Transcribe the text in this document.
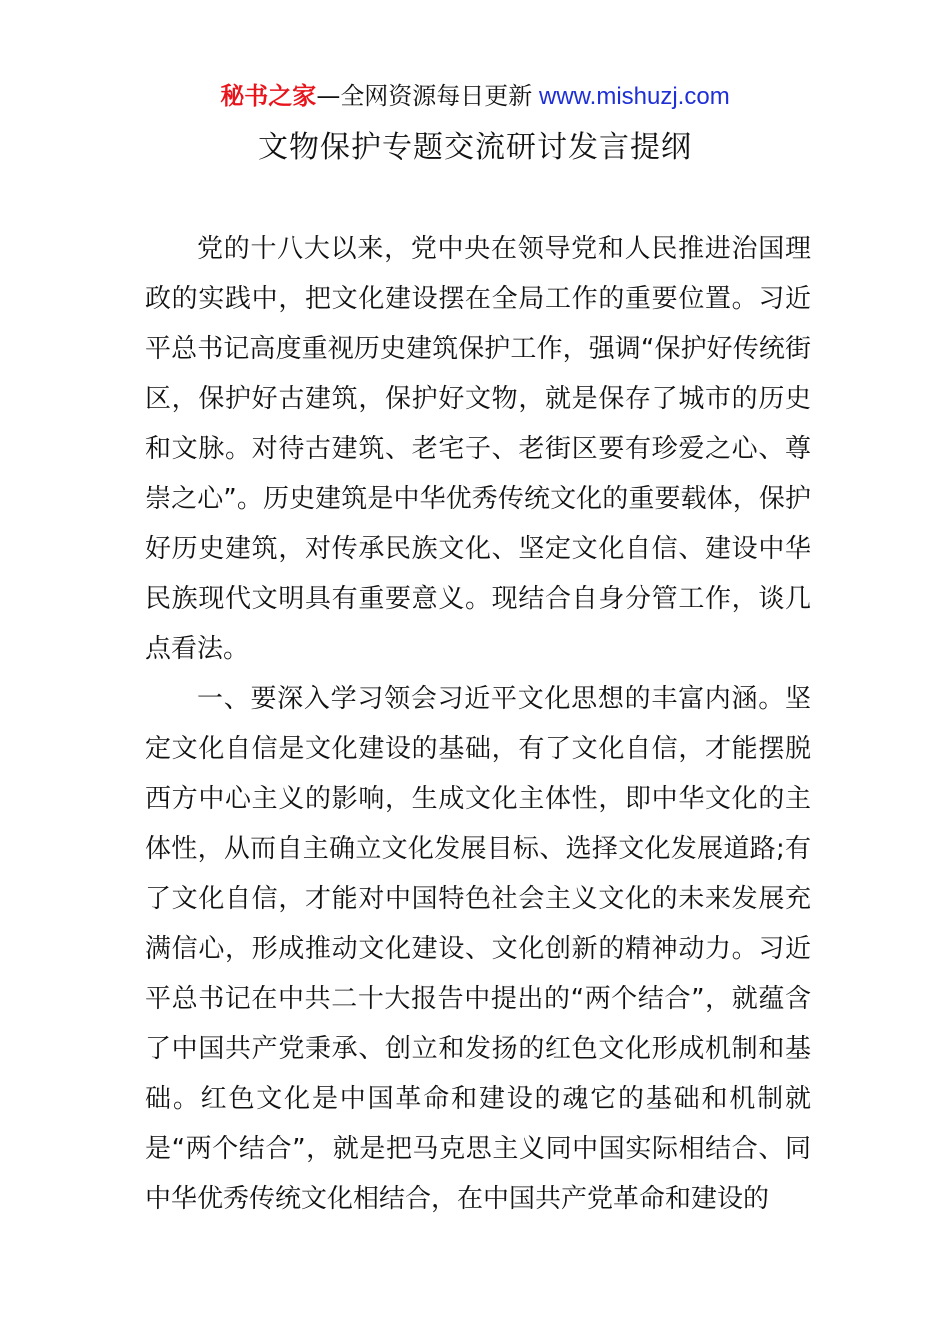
秘书之家—全网资源每日更新 www.mishuzj.com
文物保护专题交流研讨发言提纲

党的十八大以来，党中央在领导党和人民推进治国理政的实践中，把文化建设摆在全局工作的重要位置。习近平总书记高度重视历史建筑保护工作，强调“保护好传统街区，保护好古建筑，保护好文物，就是保存了城市的历史和文脉。对待古建筑、老宅子、老街区要有珍爱之心、尊崇之心”。历史建筑是中华优秀传统文化的重要载体，保护好历史建筑，对传承民族文化、坚定文化自信、建设中华民族现代文明具有重要意义。现结合自身分管工作，谈几点看法。

一、要深入学习领会习近平文化思想的丰富内涵。坚定文化自信是文化建设的基础，有了文化自信，才能摆脱西方中心主义的影响，生成文化主体性，即中华文化的主体性，从而自主确立文化发展目标、选择文化发展道路;有了文化自信，才能对中国特色社会主义文化的未来发展充满信心，形成推动文化建设、文化创新的精神动力。习近平总书记在中共二十大报告中提出的“两个结合”，就蕴含了中国共产党秉承、创立和发扬的红色文化形成机制和基础。红色文化是中国革命和建设的魂它的基础和机制就是“两个结合”，就是把马克思主义同中国实际相结合、同中华优秀传统文化相结合，在中国共产党革命和建设的
